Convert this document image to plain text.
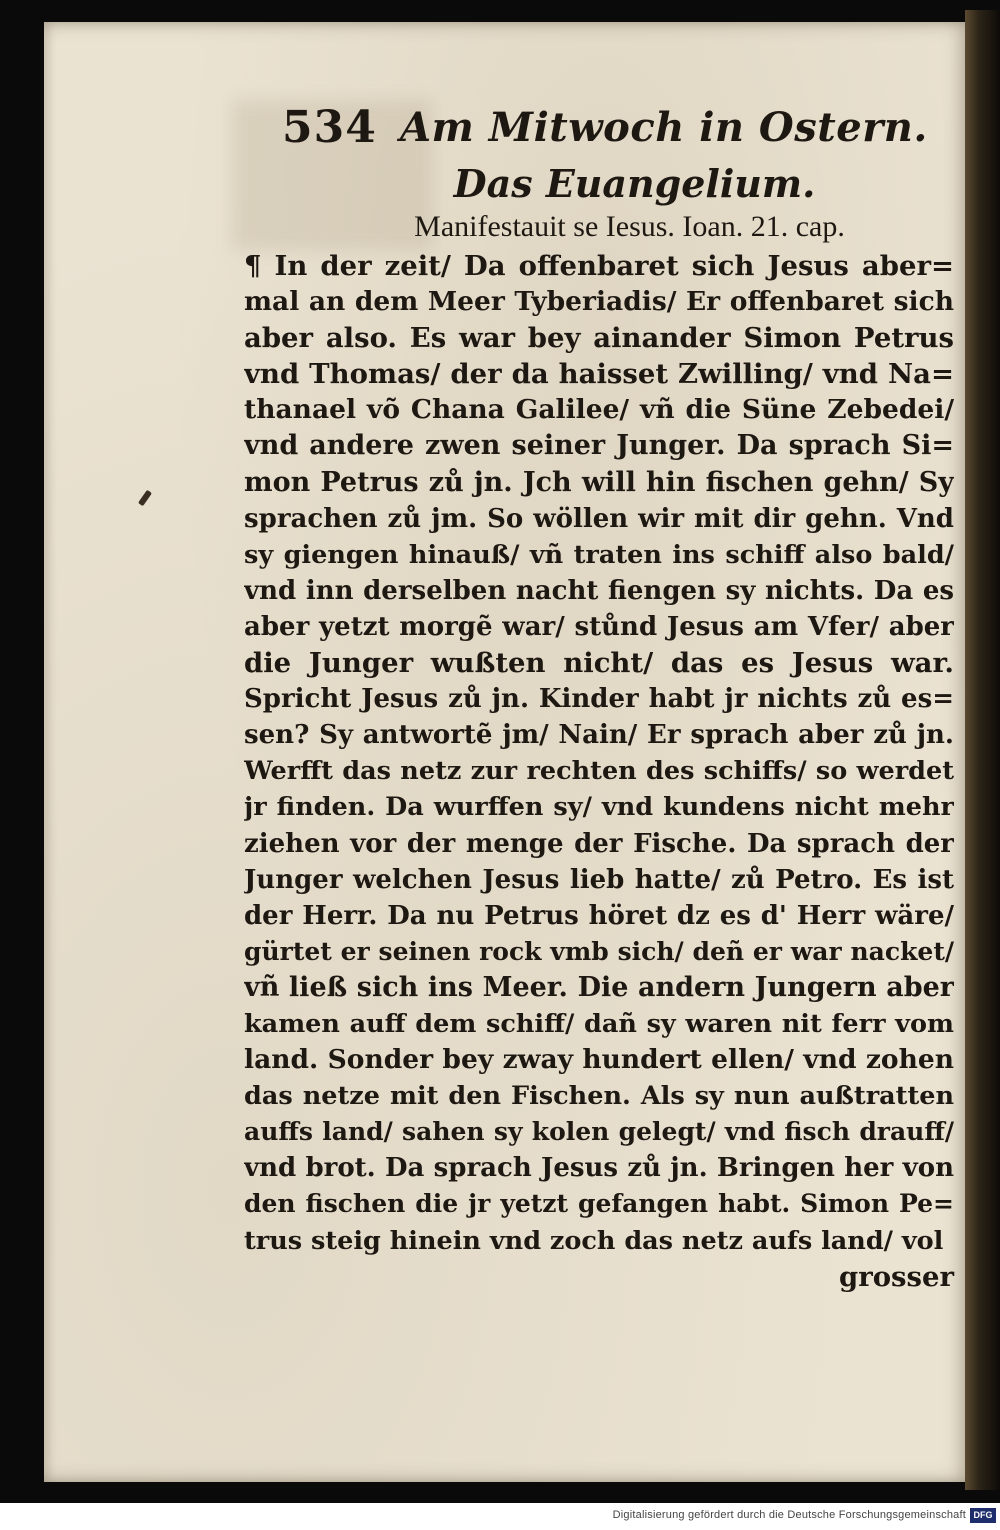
534 Am Mitwoch in Ostern.
Das Euangelium.
Manifestauit se Iesus. Ioan. 21. cap.
¶ In der zeit/ Da offenbaret sich Jesus aber=
mal an dem Meer Tyberiadis/ Er offenbaret sich
aber also. Es war bey ainander Simon Petrus
vnd Thomas/ der da haisset Zwilling/ vnd Na=
thanael võ Chana Galilee/ vñ die Süne Zebedei/
vnd andere zwen seiner Junger. Da sprach Si=
mon Petrus zů jn. Jch will hin fischen gehn/ Sy
sprachen zů jm. So wöllen wir mit dir gehn. Vnd
sy giengen hinauß/ vñ traten ins schiff also bald/
vnd inn derselben nacht fiengen sy nichts. Da es
aber yetzt morgẽ war/ stůnd Jesus am Vfer/ aber
die Junger wußten nicht/ das es Jesus war.
Spricht Jesus zů jn. Kinder habt jr nichts zů es=
sen? Sy antwortẽ jm/ Nain/ Er sprach aber zů jn.
Werfft das netz zur rechten des schiffs/ so werdet
jr finden. Da wurffen sy/ vnd kundens nicht mehr
ziehen vor der menge der Fische. Da sprach der
Junger welchen Jesus lieb hatte/ zů Petro. Es ist
der Herr. Da nu Petrus höret dz es d' Herr wäre/
gürtet er seinen rock vmb sich/ deñ er war nacket/
vñ ließ sich ins Meer. Die andern Jungern aber
kamen auff dem schiff/ dañ sy waren nit ferr vom
land. Sonder bey zway hundert ellen/ vnd zohen
das netze mit den Fischen. Als sy nun außtratten
auffs land/ sahen sy kolen gelegt/ vnd fisch drauff/
vnd brot. Da sprach Jesus zů jn. Bringen her von
den fischen die jr yetzt gefangen habt. Simon Pe=
trus steig hinein vnd zoch das netz aufs land/ vol
grosser
Digitalisierung gefördert durch die Deutsche Forschungsgemeinschaft DFG
